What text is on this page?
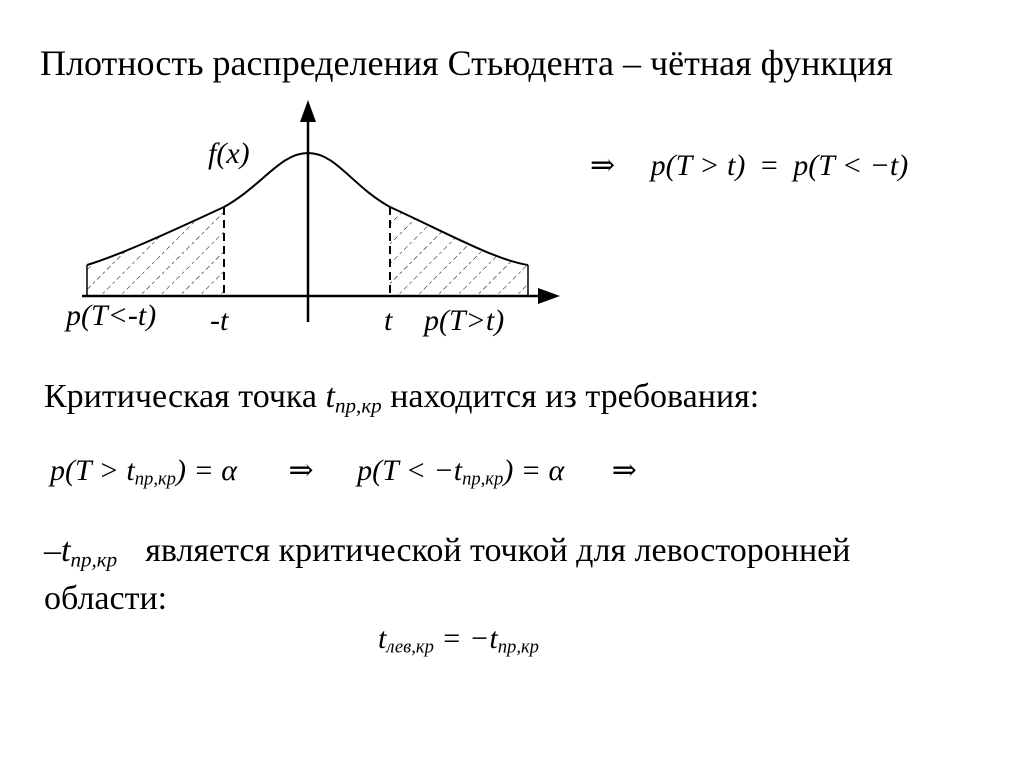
Плотность распределения Стьюдента – чётная функция
f(x)
p(T<-t) -t	t p(T>t)
⇒ p(T > t) = p(T < −t)
Критическая точка $t_{пр,кр}$ находится из требования:
$p(T > t_{пр,кр}) = \alpha$ ⇒ $p(T < -t_{пр,кр}) = \alpha$ ⇒
$-t_{пр,кр}$ является критической точкой для левосторонней
области:
$t_{лев,кр} = -t_{пр,кр}$
